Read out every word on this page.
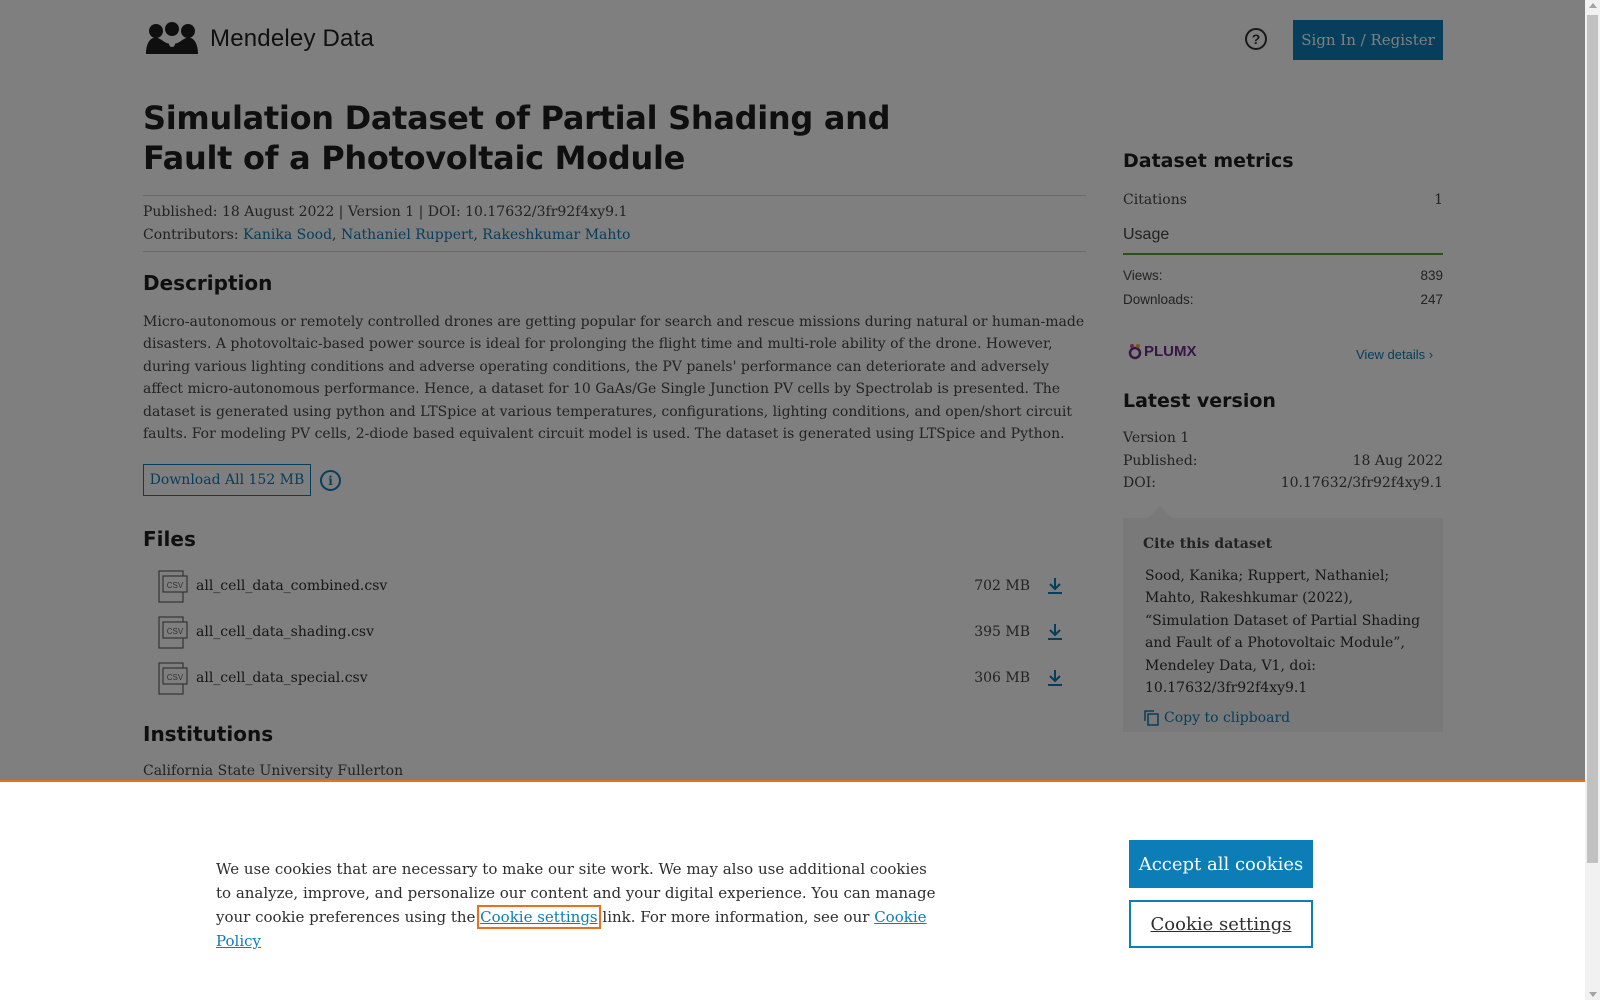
We use cookies that are necessary to make our site work. We may also use additional cookies to analyze, improve, and personalize our content and your digital experience. You can manage your cookie preferences using the Cookie settings link. For more information, see our Cookie Policy
Accept all cookies
Cookie settings
